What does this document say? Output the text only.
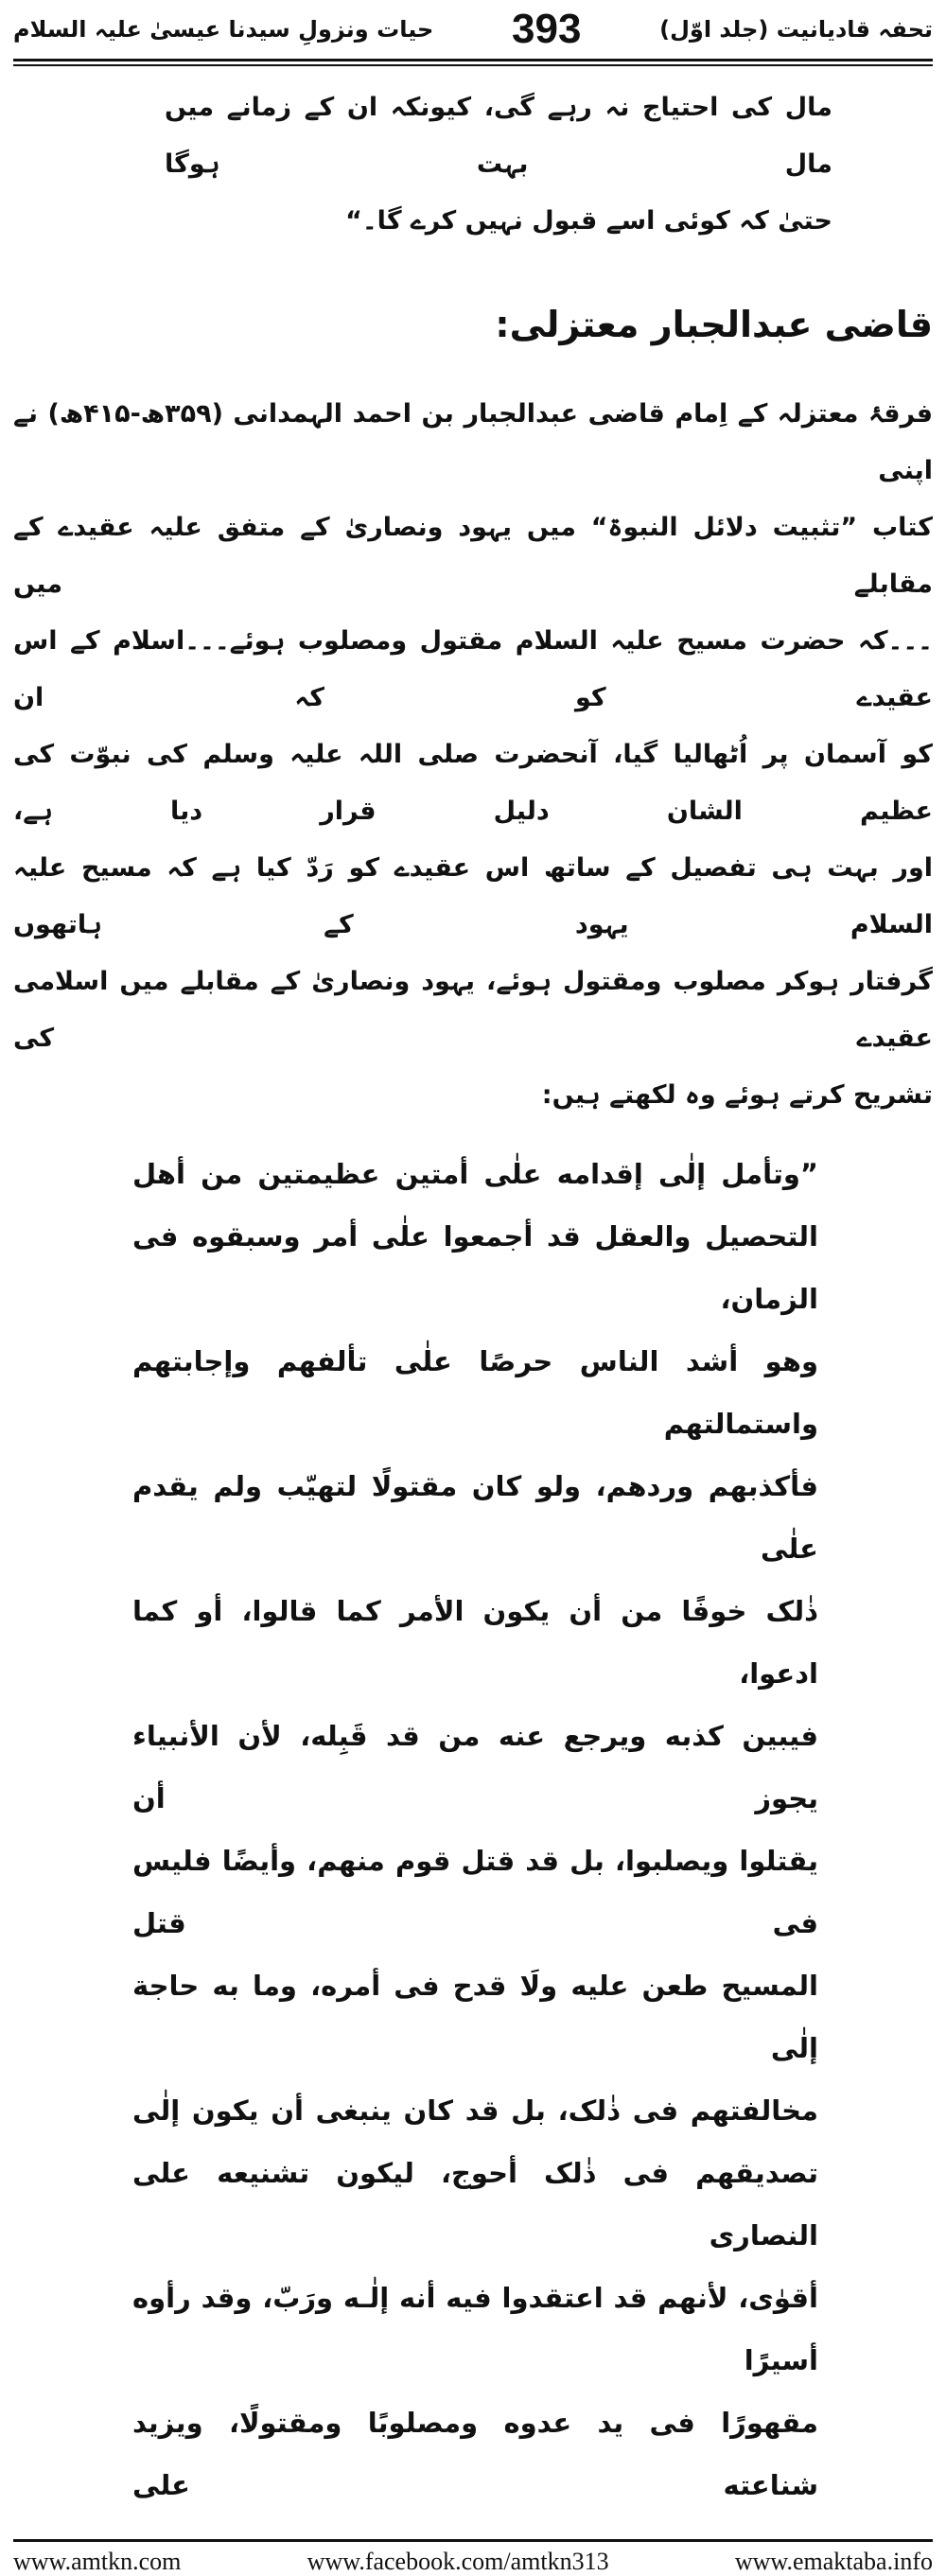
حیات ونزولِ سیدنا عیسیٰ علیہ السلام 393	تحفہ قادیانیت (جلد اوّل)
مال کی احتیاج نہ رہے گی، کیونکہ ان کے زمانے میں مال بہت ہوگا
حتیٰ کہ کوئی اسے قبول نہیں کرے گا۔“
قاضی عبدالجبار معتزلی:
فرقۂ معتزلہ کے اِمام قاضی عبدالجبار بن احمد الہمدانی (۳۵۹ھ-۴۱۵ھ) نے اپنی
کتاب ”تثبیت دلائل النبوۃ“ میں یہود ونصاریٰ کے متفق علیہ عقیدے کے مقابلے میں
۔۔۔کہ حضرت مسیح علیہ السلام مقتول ومصلوب ہوئے۔۔۔اسلام کے اس عقیدے کو کہ ان
کو آسمان پر اُٹھالیا گیا، آنحضرت صلی اللہ علیہ وسلم کی نبوّت کی عظیم الشان دلیل قرار دیا ہے،
اور بہت ہی تفصیل کے ساتھ اس عقیدے کو رَدّ کیا ہے کہ مسیح علیہ السلام یہود کے ہاتھوں
گرفتار ہوکر مصلوب ومقتول ہوئے، یہود ونصاریٰ کے مقابلے میں اسلامی عقیدے کی
تشریح کرتے ہوئے وہ لکھتے ہیں:
”وتأمل إلٰی إقدامه علٰی أمتين عظيمتين من أهل
التحصيل والعقل قد أجمعوا علٰی أمر وسبقوه فی الزمان،
وهو أشد الناس حرصًا علٰی تألفهم وإجابتهم واستمالتهم
فأكذبهم وردهم، ولو كان مقتولًا لتهيّب ولم يقدم علٰی
ذٰلک خوفًا من أن يكون الأمر كما قالوا، أو كما ادعوا،
فيبين كذبه ويرجع عنه من قد قَبِله، لأن الأنبياء يجوز أن
يقتلوا ويصلبوا، بل قد قتل قوم منهم، وأيضًا فليس فی قتل
المسيح طعن عليه ولَا قدح فی أمره، وما به حاجة إلٰی
مخالفتهم فی ذٰلک، بل قد كان ينبغی أن يكون إلٰی
تصديقهم فی ذٰلک أحوج، ليكون تشنيعه علی النصاری
أقوٰی، لأنهم قد اعتقدوا فيه أنه إلٰـه ورَبّ، وقد رأوه أسيرًا
مقهورًا فی يد عدوه ومصلوبًا ومقتولًا، ويزيد شناعته علی
www.amtkn.com	www.facebook.com/amtkn313	www.emaktaba.info
